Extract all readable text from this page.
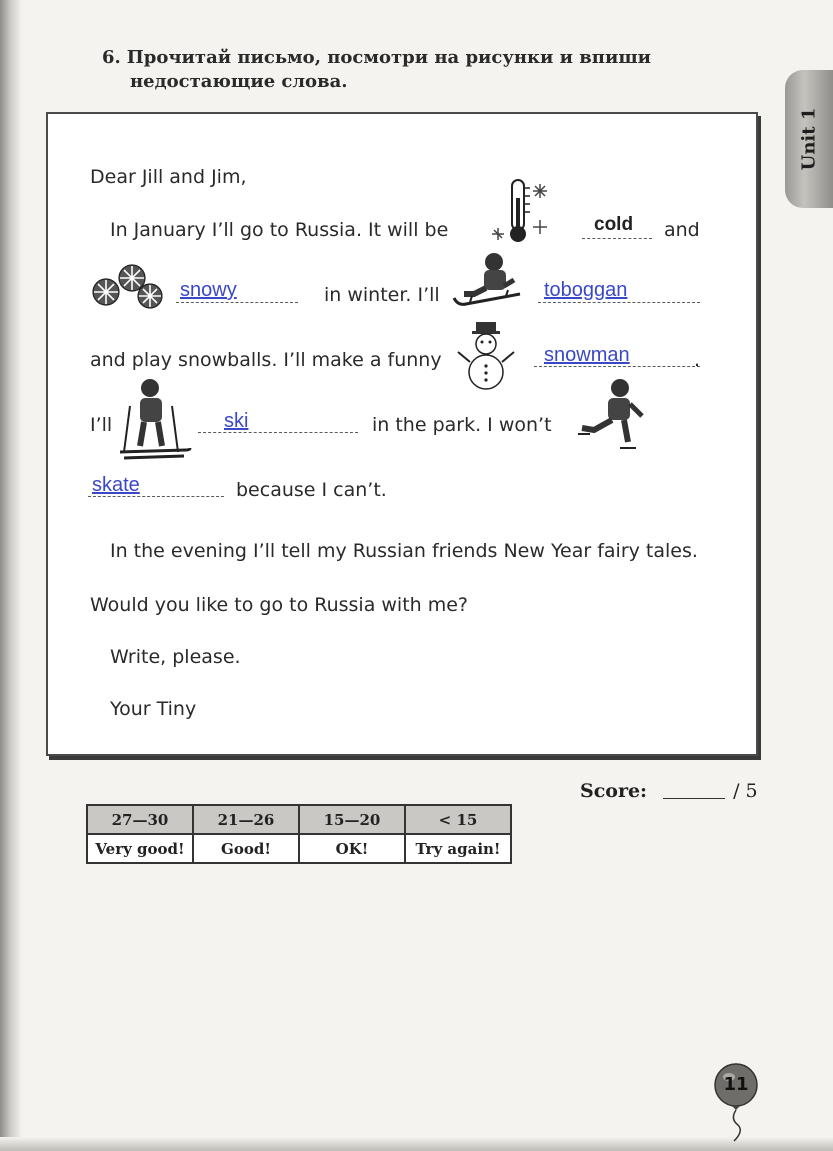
6. Прочитай письмо, посмотри на рисунки и впиши
недостающие слова.
Unit 1
Dear Jill and Jim,
In January I’ll go to Russia. It will be	cold and
snowy	in winter. I’ll	toboggan
and play snowballs. I’ll make a funny	snowman	.
I’ll	ski	in the park. I won’t
skate	because I can’t.
In the evening I’ll tell my Russian friends New Year fairy tales.
Would you like to go to Russia with me?
Write, please.
Your Tiny
Score:	/ 5
27—30	21—26	15—20	< 15
Very good!	Good!	OK!	Try again!
11
